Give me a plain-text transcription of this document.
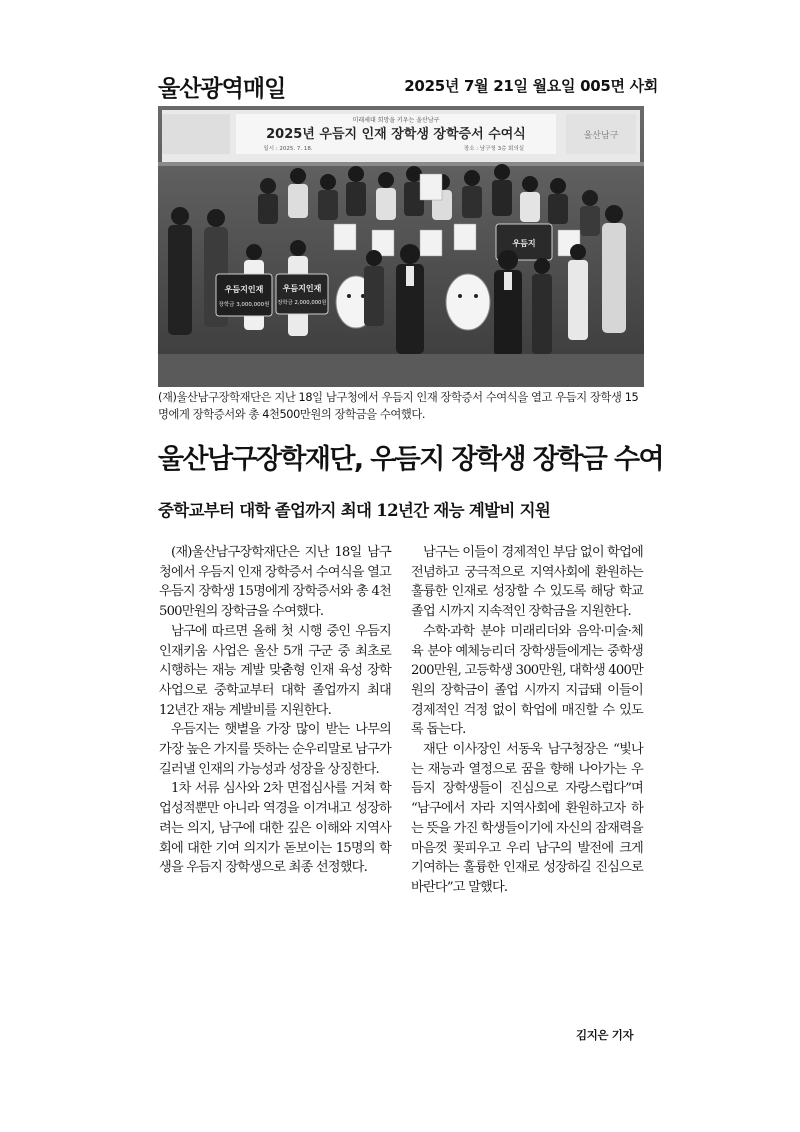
울산광역매일	2025년 7월 21일 월요일 005면 사회
미래세대 희망을 키우는 울산남구
2025년 우듬지 인재 장학생 장학증서 수여식
일시 : 2025. 7. 18.	장소 : 남구청 3층 회의실
울산남구
우듬지인재
장학금 3,000,000원
우듬지인재
장학금 2,000,000원
우듬지
(재)울산남구장학재단은 지난 18일 남구청에서 우듬지 인재 장학증서 수여식을 열고 우듬지 장학생 15명에게 장학증서와 총 4천500만원의 장학금을 수여했다.
울산남구장학재단, 우듬지 장학생 장학금 수여
중학교부터 대학 졸업까지 최대 12년간 재능 계발비 지원

(재)울산남구장학재단은 지난 18일 남구청에서 우듬지 인재 장학증서 수여식을 열고 우듬지 장학생 15명에게 장학증서와 총 4천500만원의 장학금을 수여했다.

남구에 따르면 올해 첫 시행 중인 우듬지 인재키움 사업은 울산 5개 구군 중 최초로 시행하는 재능 계발 맞춤형 인재 육성 장학사업으로 중학교부터 대학 졸업까지 최대 12년간 재능 계발비를 지원한다.

우듬지는 햇볕을 가장 많이 받는 나무의 가장 높은 가지를 뜻하는 순우리말로 남구가 길러낼 인재의 가능성과 성장을 상징한다.

1차 서류 심사와 2차 면접심사를 거쳐 학업성적뿐만 아니라 역경을 이겨내고 성장하려는 의지, 남구에 대한 깊은 이해와 지역사회에 대한 기여 의지가 돋보이는 15명의 학생을 우듬지 장학생으로 최종 선정했다.

남구는 이들이 경제적인 부담 없이 학업에 전념하고 궁극적으로 지역사회에 환원하는 훌륭한 인재로 성장할 수 있도록 해당 학교 졸업 시까지 지속적인 장학금을 지원한다.

수학·과학 분야 미래리더와 음악·미술·체육 분야 예체능리더 장학생들에게는 중학생 200만원, 고등학생 300만원, 대학생 400만원의 장학금이 졸업 시까지 지급돼 이들이 경제적인 걱정 없이 학업에 매진할 수 있도록 돕는다.

재단 이사장인 서동욱 남구청장은 “빛나는 재능과 열정으로 꿈을 향해 나아가는 우듬지 장학생들이 진심으로 자랑스럽다”며 “남구에서 자라 지역사회에 환원하고자 하는 뜻을 가진 학생들이기에 자신의 잠재력을 마음껏 꽃피우고 우리 남구의 발전에 크게 기여하는 훌륭한 인재로 성장하길 진심으로 바란다”고 말했다.

김지은 기자
